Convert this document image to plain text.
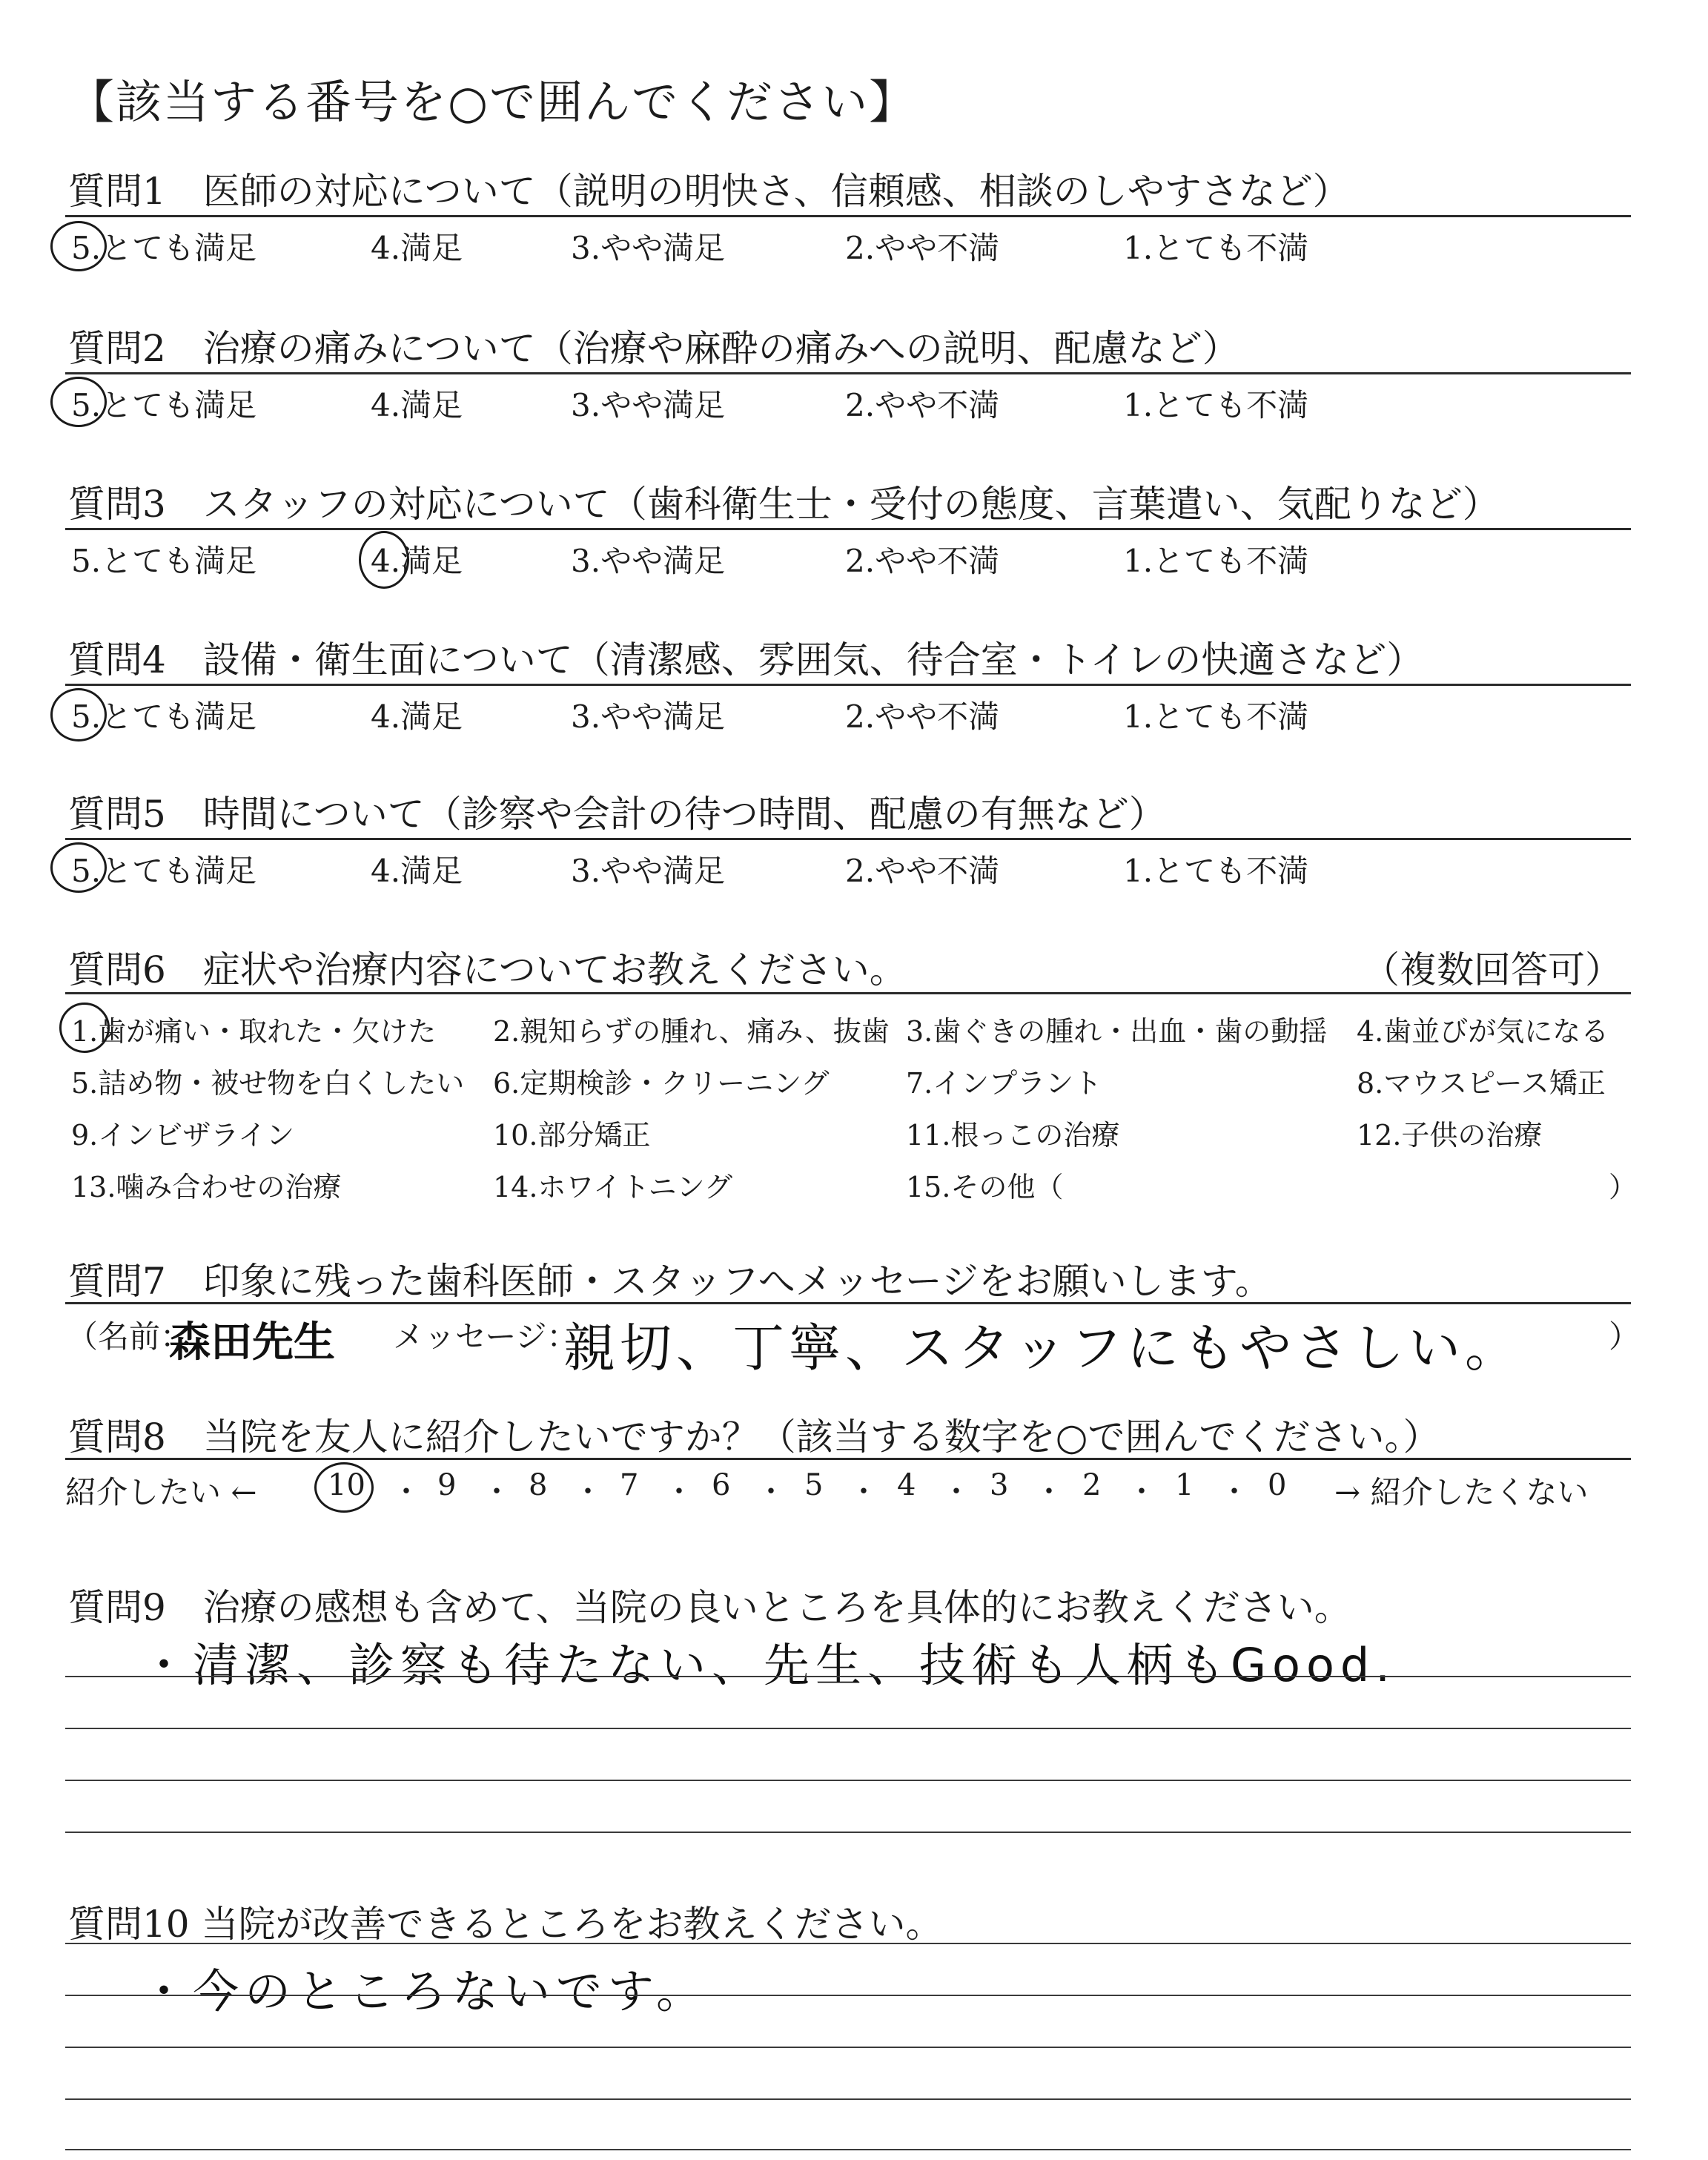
【該当する番号を○で囲んでください】
質問1　医師の対応について（説明の明快さ、信頼感、相談のしやすさなど）
5.とても満足	4.満足	3.やや満足	2.やや不満	1.とても不満
質問2　治療の痛みについて（治療や麻酔の痛みへの説明、配慮など）
5.とても満足	4.満足	3.やや満足	2.やや不満	1.とても不満
質問3　スタッフの対応について（歯科衛生士・受付の態度、言葉遣い、気配りなど）
5.とても満足	4.満足	3.やや満足	2.やや不満	1.とても不満
質問4　設備・衛生面について（清潔感、雰囲気、待合室・トイレの快適さなど）
5.とても満足	4.満足	3.やや満足	2.やや不満	1.とても不満
質問5　時間について（診察や会計の待つ時間、配慮の有無など）
5.とても満足	4.満足	3.やや満足	2.やや不満	1.とても不満
質問6　症状や治療内容についてお教えください。	（複数回答可）
1.歯が痛い・取れた・欠けた 2.親知らずの腫れ、痛み、抜歯 3.歯ぐきの腫れ・出血・歯の動揺 4.歯並びが気になる
5.詰め物・被せ物を白くしたい 6.定期検診・クリーニング	7.インプラント	8.マウスピース矯正
9.インビザライン	10.部分矯正	11.根っこの治療	12.子供の治療
13.噛み合わせの治療	14.ホワイトニング	15.その他（	）
質問7　印象に残った歯科医師・スタッフへメッセージをお願いします。
（名前：
森田先生 メッセージ：
親切、丁寧、スタッフにもやさしい。	）
質問8　当院を友人に紹介したいですか？（該当する数字を○で囲んでください。）
紹介したい ← 10 ・ 9 ・ 8 ・ 7 ・ 6 ・ 5 ・ 4 ・ 3 ・ 2 ・ 1 ・ 0 → 紹介したくない
質問9　治療の感想も含めて、当院の良いところを具体的にお教えください。
・清潔、診察も待たない、先生、技術も人柄もGood.
質問10 当院が改善できるところをお教えください。
・今のところないです。
